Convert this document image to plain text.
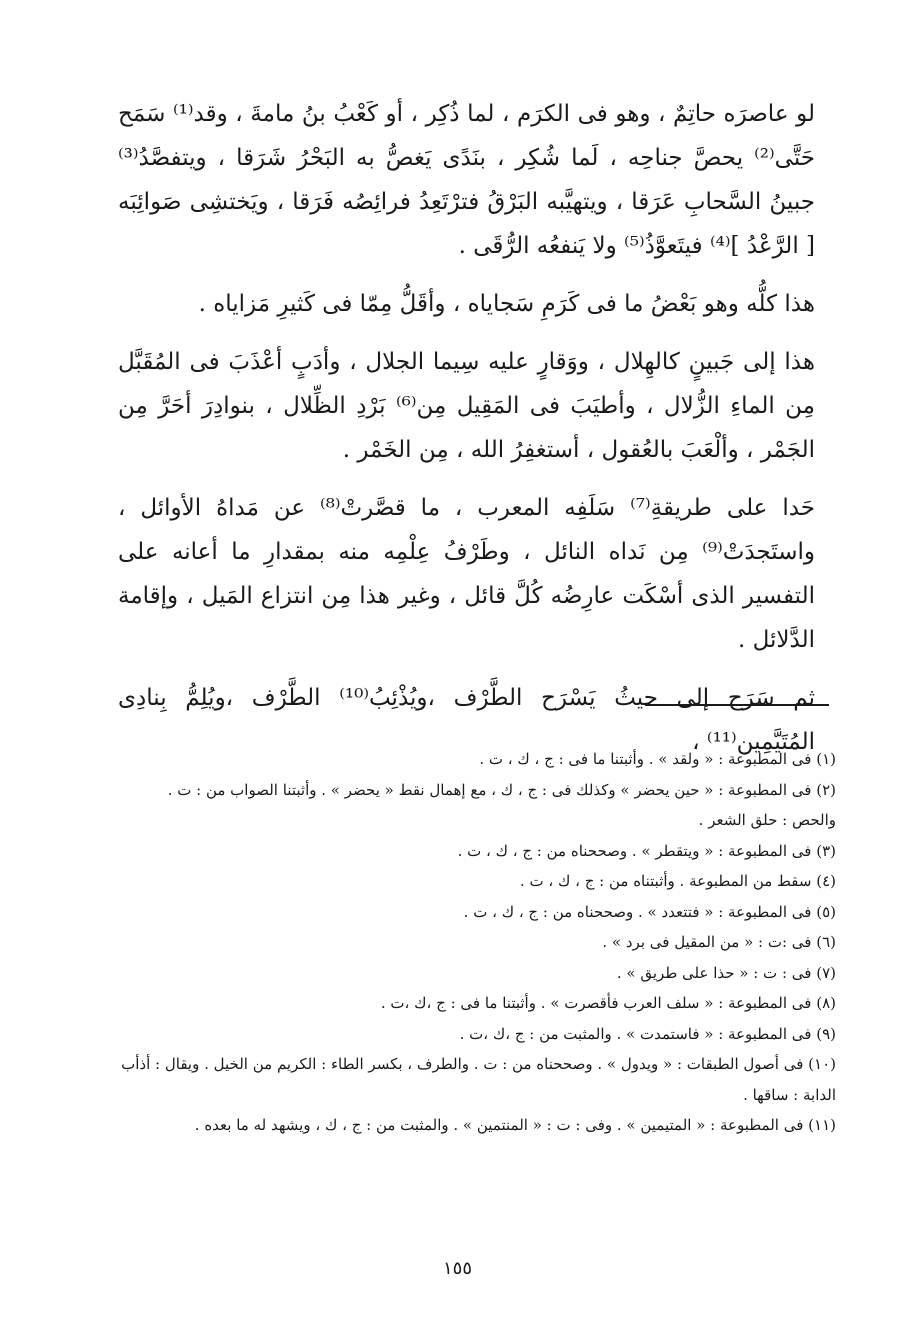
لو عاصرَه حاتِمٌ ، وهو فى الكرَم ، لما ذُكِر ، أو كَعْبُ بنُ مامةَ ، وقد⁽¹⁾ سَمَح حَتَّى⁽²⁾ يحصَّ جناحِه ، لَما شُكِر ، بنَدًى يَغصُّ به البَحْرُ شَرَقا ، ويتفصَّدُ⁽³⁾ جبينُ السَّحابِ عَرَقا ، ويتهيَّبه البَرْقُ فترْتَعِدُ فرائِصُه فَرَقا ، ويَختشِى صَوائِبَه [ الرَّعْدُ ]⁽⁴⁾ فيتَعوَّذُ⁽⁵⁾ ولا يَنفعُه الرُّقَى .

هذا كلُّه وهو بَعْضُ ما فى كَرَمِ سَجاياه ، وأقَلُّ مِمّا فى كَثيرِ مَزاياه .

هذا إلى جَبينٍ كالهِلال ، ووَقارٍ عليه سِيما الجلال ، وأدَبٍ أعْذَبَ فى المُقَبَّل مِن الماءِ الزُّلال ، وأطيَبَ فى المَقِيل مِن⁽⁶⁾ بَرْدِ الظِّلال ، بنوادِرَ أحَرَّ مِن الجَمْر ، وألْعَبَ بالعُقول ، أستغفِرُ الله ، مِن الخَمْر .

حَدا على طريقةِ⁽⁷⁾ سَلَفِه المعرب ، ما قصَّرتْ⁽⁸⁾ عن مَداهُ الأوائل ، واستَجدَتْ⁽⁹⁾ مِن نَداه النائل ، وطَرْفُ عِلْمِه منه بمقدارِ ما أعانه على التفسير الذى أسْكَت عارِضُه كُلَّ قائل ، وغير هذا مِن انتزاع المَيل ، وإقامة الدَّلائل .

ثم سَرَح إلى حيثُ يَسْرَح الطَّرْف ،ويُذْئِبُ⁽¹⁰⁾ الطَّرْف ،ويُلِمُّ بِنادِى المُتَيَّمِين⁽¹¹⁾ ،

(١) فى المطبوعة : « ولقد » . وأثبتنا ما فى : ج ، ك ، ت .
(٢) فى المطبوعة : « حين يحضر » وكذلك فى : ج ، ك ، مع إهمال نقط « يحضر » . وأثبتنا الصواب من : ت .
والحص : حلق الشعر .
(٣) فى المطبوعة : « ويتقطر » . وصححناه من : ج ، ك ، ت .
(٤) سقط من المطبوعة . وأثبتناه من : ج ، ك ، ت .
(٥) فى المطبوعة : « فتتعدد » . وصححناه من : ج ، ك ، ت .
(٦) فى :ت : « من المقيل فى برد » .
(٧) فى : ت : « حذا على طريق » .
(٨) فى المطبوعة : « سلف العرب فأقصرت » . وأثبتنا ما فى : ج ،ك ،ت .
(٩) فى المطبوعة : « فاستمدت » . والمثبت من : ج ،ك ،ت .
(١٠) فى أصول الطبقات : « ويدول » . وصححناه من : ت . والطرف ، بكسر الطاء : الكريم من الخيل . ويقال : أذأب الدابة : ساقها .
(١١) فى المطبوعة : « المتيمين » . وفى : ت : « المنتمين » . والمثبت من : ج ، ك ، ويشهد له ما بعده .
١٥٥
